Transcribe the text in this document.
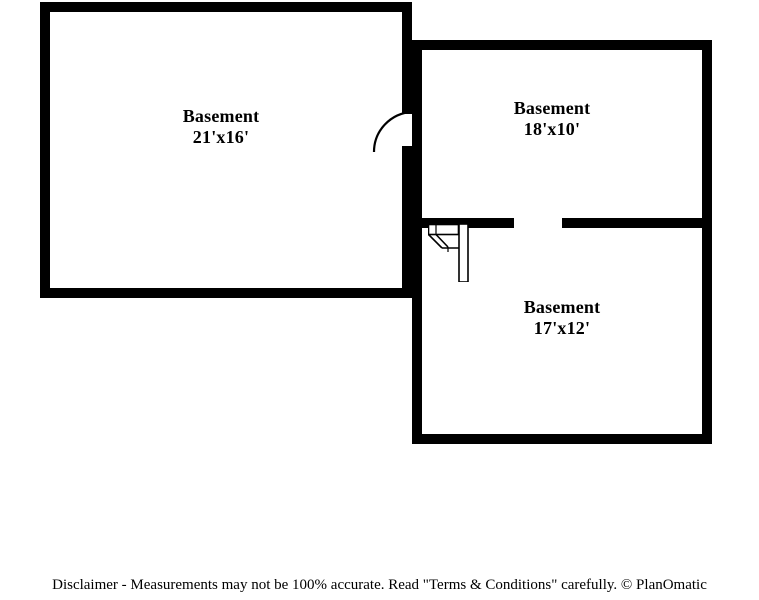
Basement
21'x16'
Basement
18'x10'
Basement
17'x12'
Disclaimer - Measurements may not be 100% accurate. Read "Terms & Conditions" carefully. © PlanOmatic
